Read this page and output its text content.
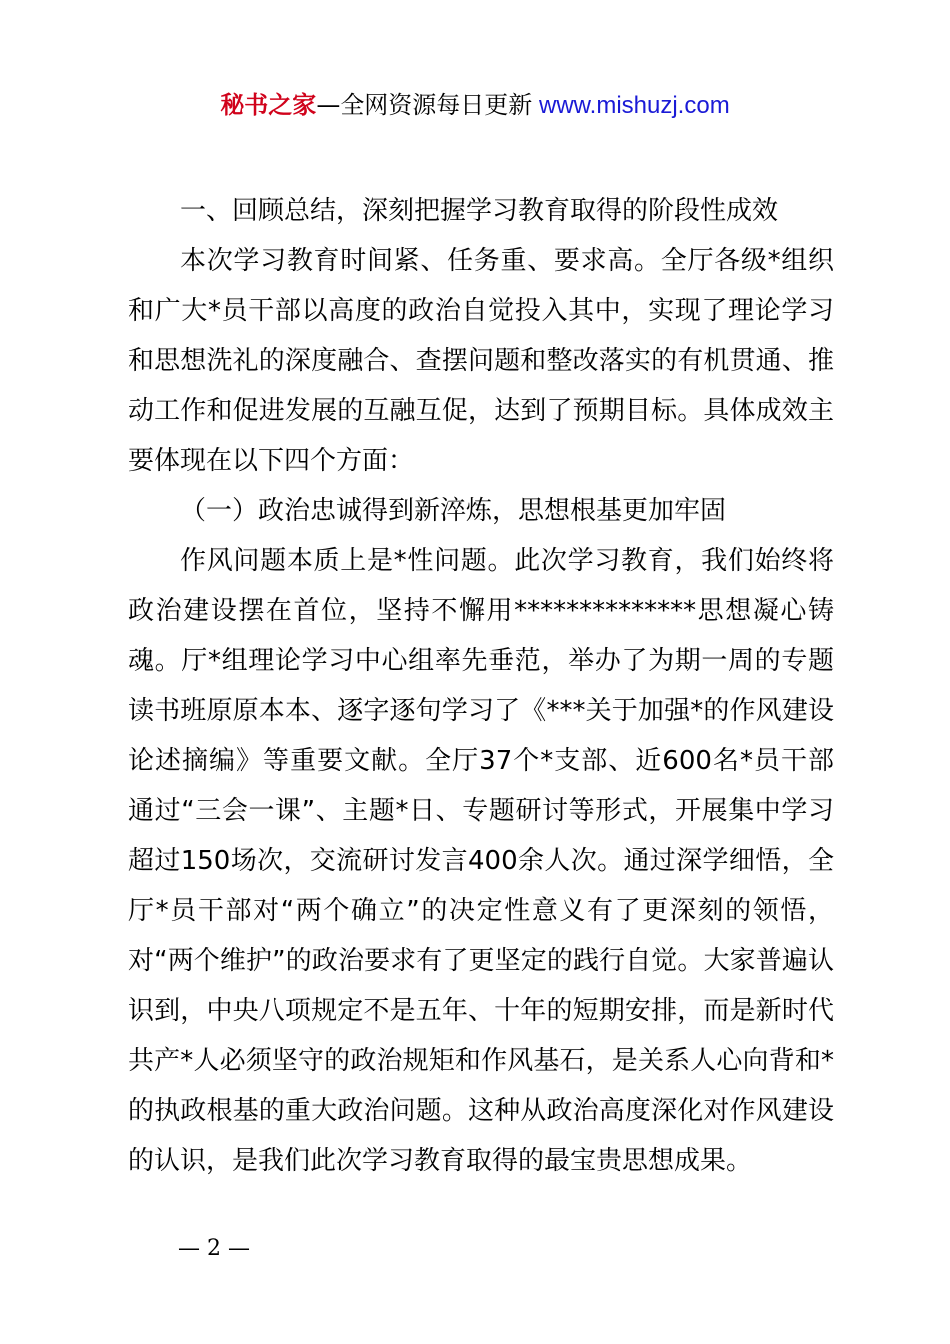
秘书之家—全网资源每日更新 www.mishuzj.com

一、回顾总结，深刻把握学习教育取得的阶段性成效

本次学习教育时间紧、任务重、要求高。全厅各级*组织和广大*员干部以高度的政治自觉投入其中，实现了理论学习和思想洗礼的深度融合、查摆问题和整改落实的有机贯通、推动工作和促进发展的互融互促，达到了预期目标。具体成效主要体现在以下四个方面：

（一）政治忠诚得到新淬炼，思想根基更加牢固

作风问题本质上是*性问题。此次学习教育，我们始终将政治建设摆在首位，坚持不懈用**************思想凝心铸魂。厅*组理论学习中心组率先垂范，举办了为期一周的专题读书班原原本本、逐字逐句学习了《***关于加强*的作风建设论述摘编》等重要文献。全厅37个*支部、近600名*员干部通过“三会一课”、主题*日、专题研讨等形式，开展集中学习超过150场次，交流研讨发言400余人次。通过深学细悟，全厅*员干部对“两个确立”的决定性意义有了更深刻的领悟，对“两个维护”的政治要求有了更坚定的践行自觉。大家普遍认识到，中央八项规定不是五年、十年的短期安排，而是新时代共产*人必须坚守的政治规矩和作风基石，是关系人心向背和*的执政根基的重大政治问题。这种从政治高度深化对作风建设的认识，是我们此次学习教育取得的最宝贵思想成果。

— 2 —
